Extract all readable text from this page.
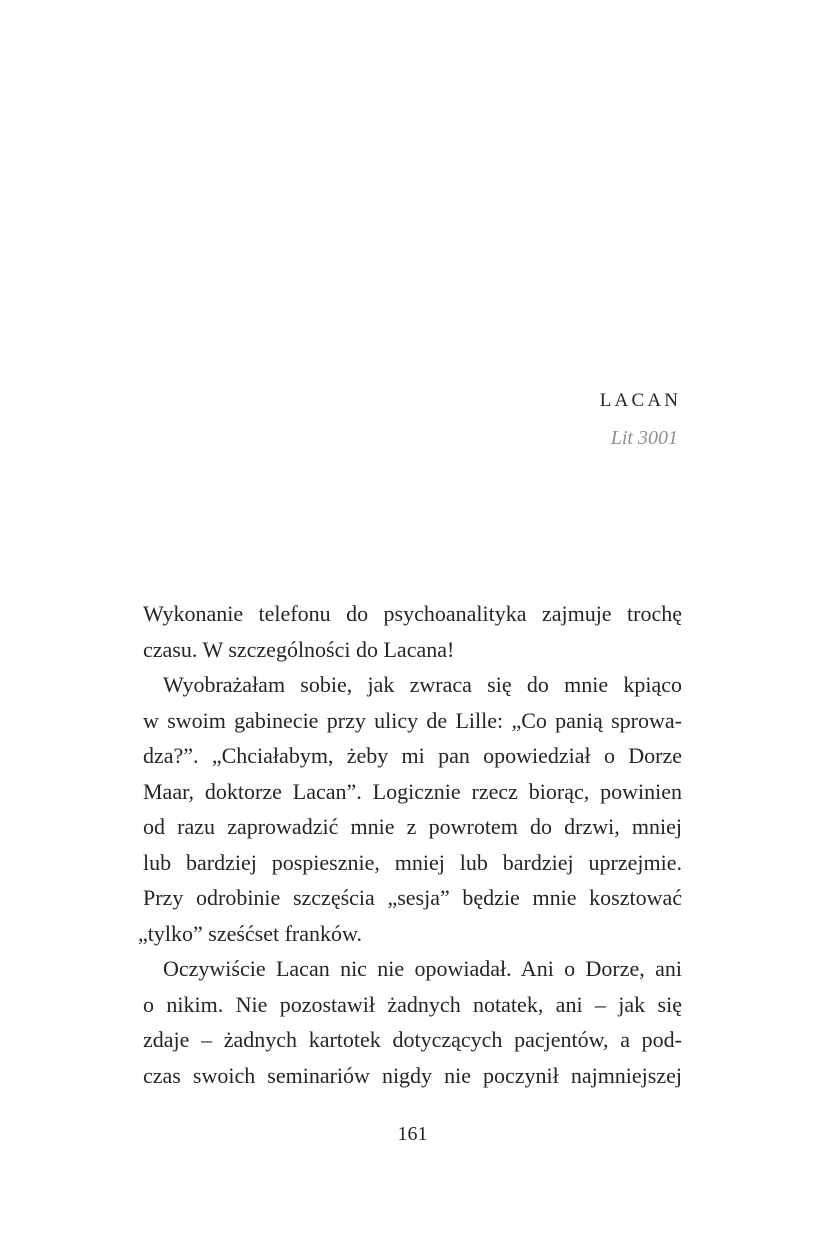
LACAN
Lit 3001

Wykonanie telefonu do psychoanalityka zajmuje trochę

czasu. W szczególności do Lacana!

Wyobrażałam sobie, jak zwraca się do mnie kpiąco

w swoim gabinecie przy ulicy de Lille: „Co panią sprowa-

dza?”. „Chciałabym, żeby mi pan opowiedział o Dorze

Maar, doktorze Lacan”. Logicznie rzecz biorąc, powinien

od razu zaprowadzić mnie z powrotem do drzwi, mniej

lub bardziej pospiesznie, mniej lub bardziej uprzejmie.

Przy odrobinie szczęścia „sesja” będzie mnie kosztować

„tylko” sześćset franków.

Oczywiście Lacan nic nie opowiadał. Ani o Dorze, ani

o nikim. Nie pozostawił żadnych notatek, ani – jak się

zdaje – żadnych kartotek dotyczących pacjentów, a pod-

czas swoich seminariów nigdy nie poczynił najmniejszej

161
